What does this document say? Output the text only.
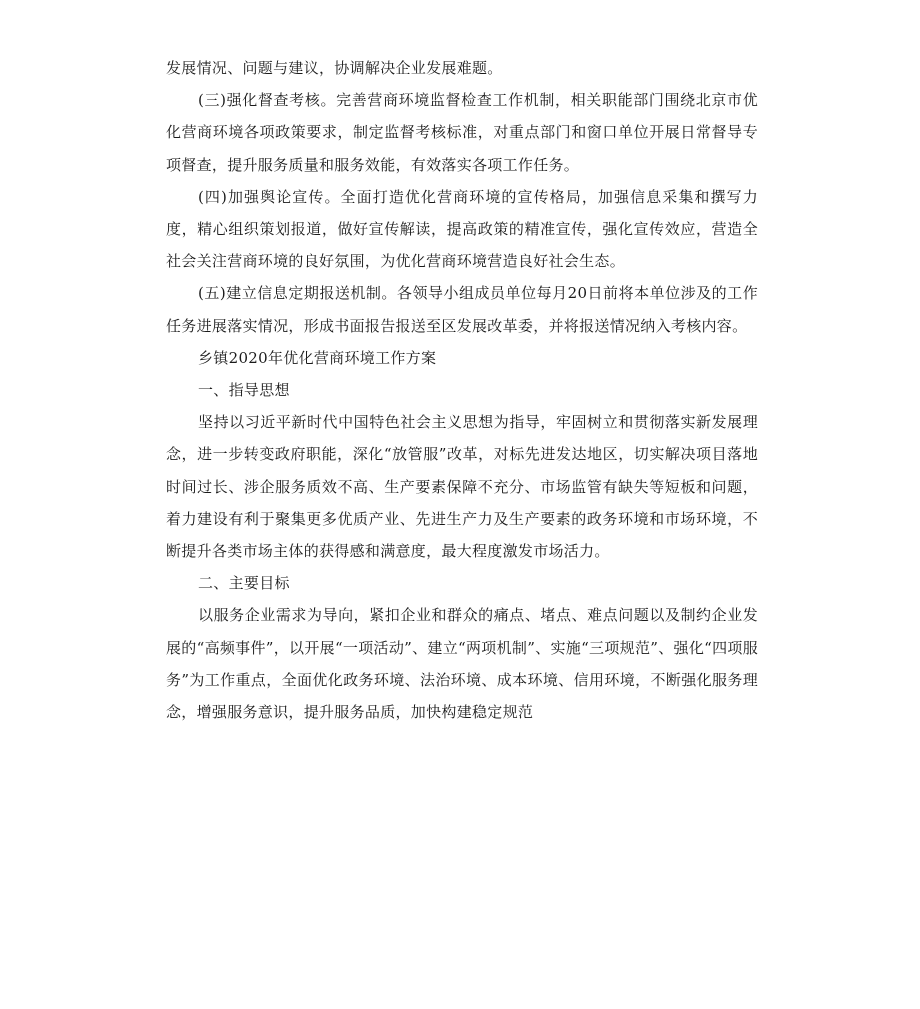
发展情况、问题与建议，协调解决企业发展难题。

(三)强化督查考核。完善营商环境监督检查工作机制，相关职能部门围绕北京市优化营商环境各项政策要求，制定监督考核标准，对重点部门和窗口单位开展日常督导专项督查，提升服务质量和服务效能，有效落实各项工作任务。

(四)加强舆论宣传。全面打造优化营商环境的宣传格局，加强信息采集和撰写力度，精心组织策划报道，做好宣传解读，提高政策的精准宣传，强化宣传效应，营造全社会关注营商环境的良好氛围，为优化营商环境营造良好社会生态。

(五)建立信息定期报送机制。各领导小组成员单位每月20日前将本单位涉及的工作任务进展落实情况，形成书面报告报送至区发展改革委，并将报送情况纳入考核内容。

乡镇2020年优化营商环境工作方案

一、指导思想

坚持以习近平新时代中国特色社会主义思想为指导，牢固树立和贯彻落实新发展理念，进一步转变政府职能，深化“放管服”改革，对标先进发达地区，切实解决项目落地时间过长、涉企服务质效不高、生产要素保障不充分、市场监管有缺失等短板和问题，着力建设有利于聚集更多优质产业、先进生产力及生产要素的政务环境和市场环境，不断提升各类市场主体的获得感和满意度，最大程度激发市场活力。

二、主要目标

以服务企业需求为导向，紧扣企业和群众的痛点、堵点、难点问题以及制约企业发展的“高频事件”，以开展“一项活动”、建立“两项机制”、实施“三项规范”、强化“四项服务”为工作重点，全面优化政务环境、法治环境、成本环境、信用环境，不断强化服务理念，增强服务意识，提升服务品质，加快构建稳定规范
